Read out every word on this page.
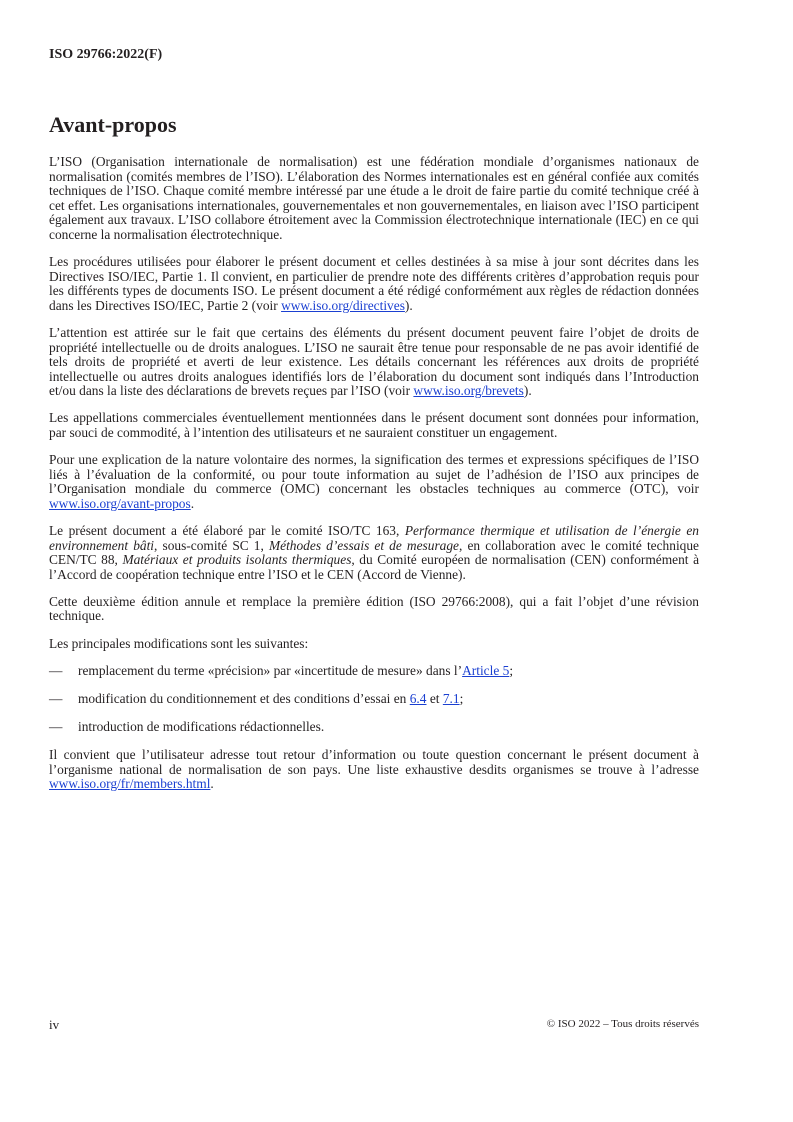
ISO 29766:2022(F)
Avant-propos

L’ISO (Organisation internationale de normalisation) est une fédération mondiale d’organismes nationaux de normalisation (comités membres de l’ISO). L’élaboration des Normes internationales est en général confiée aux comités techniques de l’ISO. Chaque comité membre intéressé par une étude a le droit de faire partie du comité technique créé à cet effet. Les organisations internationales, gouvernementales et non gouvernementales, en liaison avec l’ISO participent également aux travaux. L’ISO collabore étroitement avec la Commission électrotechnique internationale (IEC) en ce qui concerne la normalisation électrotechnique.

Les procédures utilisées pour élaborer le présent document et celles destinées à sa mise à jour sont décrites dans les Directives ISO/IEC, Partie 1. Il convient, en particulier de prendre note des différents critères d’approbation requis pour les différents types de documents ISO. Le présent document a été rédigé conformément aux règles de rédaction données dans les Directives ISO/IEC, Partie 2 (voir www.iso.org/directives).

L’attention est attirée sur le fait que certains des éléments du présent document peuvent faire l’objet de droits de propriété intellectuelle ou de droits analogues. L’ISO ne saurait être tenue pour responsable de ne pas avoir identifié de tels droits de propriété et averti de leur existence. Les détails concernant les références aux droits de propriété intellectuelle ou autres droits analogues identifiés lors de l’élaboration du document sont indiqués dans l’Introduction et/ou dans la liste des déclarations de brevets reçues par l’ISO (voir www.iso.org/brevets).

Les appellations commerciales éventuellement mentionnées dans le présent document sont données pour information, par souci de commodité, à l’intention des utilisateurs et ne sauraient constituer un engagement.

Pour une explication de la nature volontaire des normes, la signification des termes et expressions spécifiques de l’ISO liés à l’évaluation de la conformité, ou pour toute information au sujet de l’adhésion de l’ISO aux principes de l’Organisation mondiale du commerce (OMC) concernant les obstacles techniques au commerce (OTC), voir www.iso.org/avant-propos.

Le présent document a été élaboré par le comité ISO/TC 163, Performance thermique et utilisation de l’énergie en environnement bâti, sous-comité SC 1, Méthodes d’essais et de mesurage, en collaboration avec le comité technique CEN/TC 88, Matériaux et produits isolants thermiques, du Comité européen de normalisation (CEN) conformément à l’Accord de coopération technique entre l’ISO et le CEN (Accord de Vienne).

Cette deuxième édition annule et remplace la première édition (ISO 29766:2008), qui a fait l’objet d’une révision technique.

Les principales modifications sont les suivantes:

—	remplacement du terme «précision» par «incertitude de mesure» dans l’Article 5;
—	modification du conditionnement et des conditions d’essai en 6.4 et 7.1;
—	introduction de modifications rédactionnelles.

Il convient que l’utilisateur adresse tout retour d’information ou toute question concernant le présent document à l’organisme national de normalisation de son pays. Une liste exhaustive desdits organismes se trouve à l’adresse www.iso.org/fr/members.html.

iv	© ISO 2022 – Tous droits réservés
